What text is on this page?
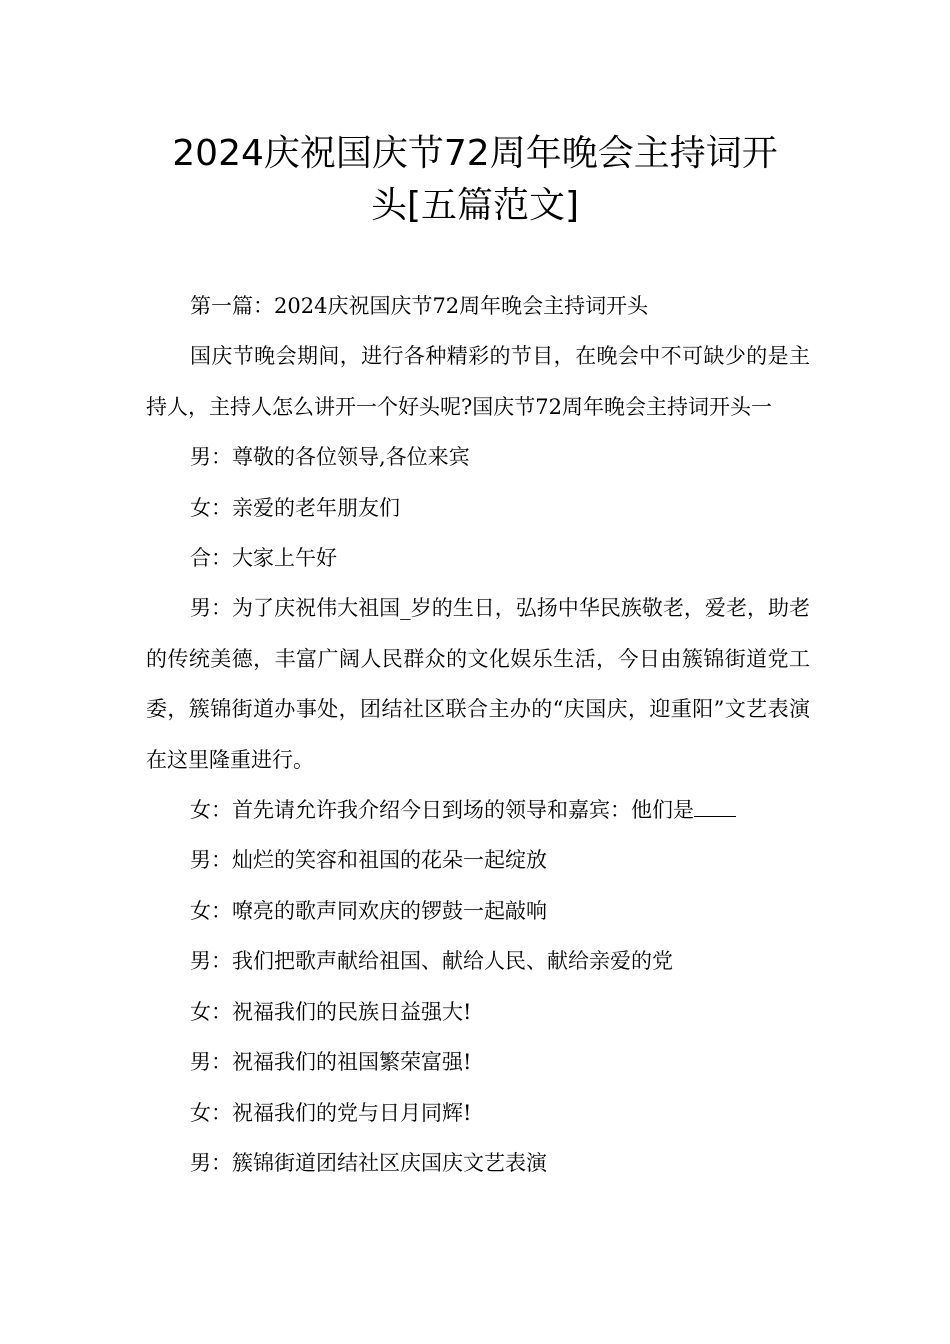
2024庆祝国庆节72周年晚会主持词开
头[五篇范文]

第一篇：2024庆祝国庆节72周年晚会主持词开头

国庆节晚会期间，进行各种精彩的节目，在晚会中不可缺少的是主持人，主持人怎么讲开一个好头呢?国庆节72周年晚会主持词开头一

男：尊敬的各位领导,各位来宾

女：亲爱的老年朋友们

合：大家上午好

男：为了庆祝伟大祖国_岁的生日，弘扬中华民族敬老，爱老，助老的传统美德，丰富广阔人民群众的文化娱乐生活，今日由簇锦街道党工委，簇锦街道办事处，团结社区联合主办的“庆国庆，迎重阳”文艺表演在这里隆重进行。

女：首先请允许我介绍今日到场的领导和嘉宾：他们是

男：灿烂的笑容和祖国的花朵一起绽放

女：嘹亮的歌声同欢庆的锣鼓一起敲响

男：我们把歌声献给祖国、献给人民、献给亲爱的党

女：祝福我们的民族日益强大!

男：祝福我们的祖国繁荣富强!

女：祝福我们的党与日月同辉!

男：簇锦街道团结社区庆国庆文艺表演
